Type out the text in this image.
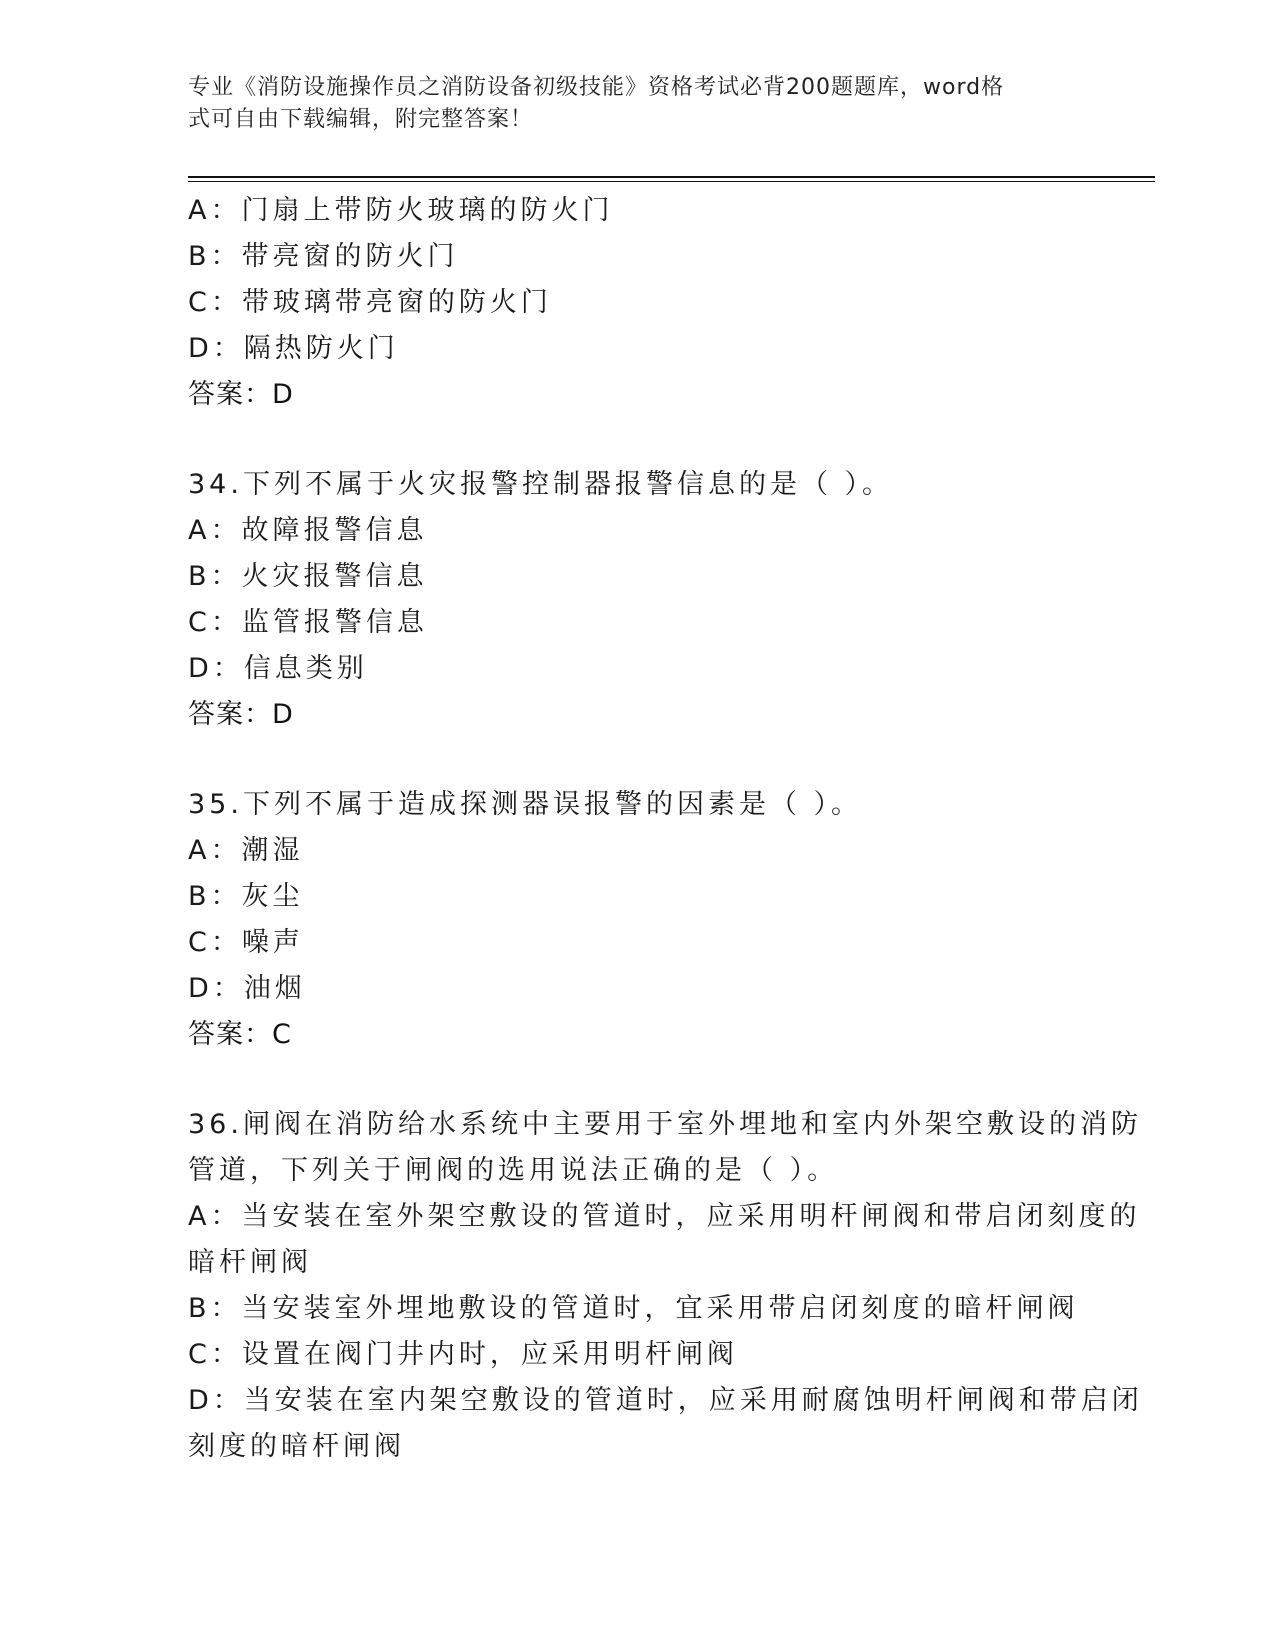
专业《消防设施操作员之消防设备初级技能》资格考试必背200题题库，word格
式可自由下载编辑，附完整答案！
A：门扇上带防火玻璃的防火门
B：带亮窗的防火门
C：带玻璃带亮窗的防火门
D：隔热防火门
答案：D
34.下列不属于火灾报警控制器报警信息的是（ ）。
A：故障报警信息
B：火灾报警信息
C：监管报警信息
D：信息类别
答案：D
35.下列不属于造成探测器误报警的因素是（ ）。
A：潮湿
B：灰尘
C：噪声
D：油烟
答案：C
36.闸阀在消防给水系统中主要用于室外埋地和室内外架空敷设的消防
管道，下列关于闸阀的选用说法正确的是（ ）。
A：当安装在室外架空敷设的管道时，应采用明杆闸阀和带启闭刻度的
暗杆闸阀
B：当安装室外埋地敷设的管道时，宜采用带启闭刻度的暗杆闸阀
C：设置在阀门井内时，应采用明杆闸阀
D：当安装在室内架空敷设的管道时，应采用耐腐蚀明杆闸阀和带启闭
刻度的暗杆闸阀
